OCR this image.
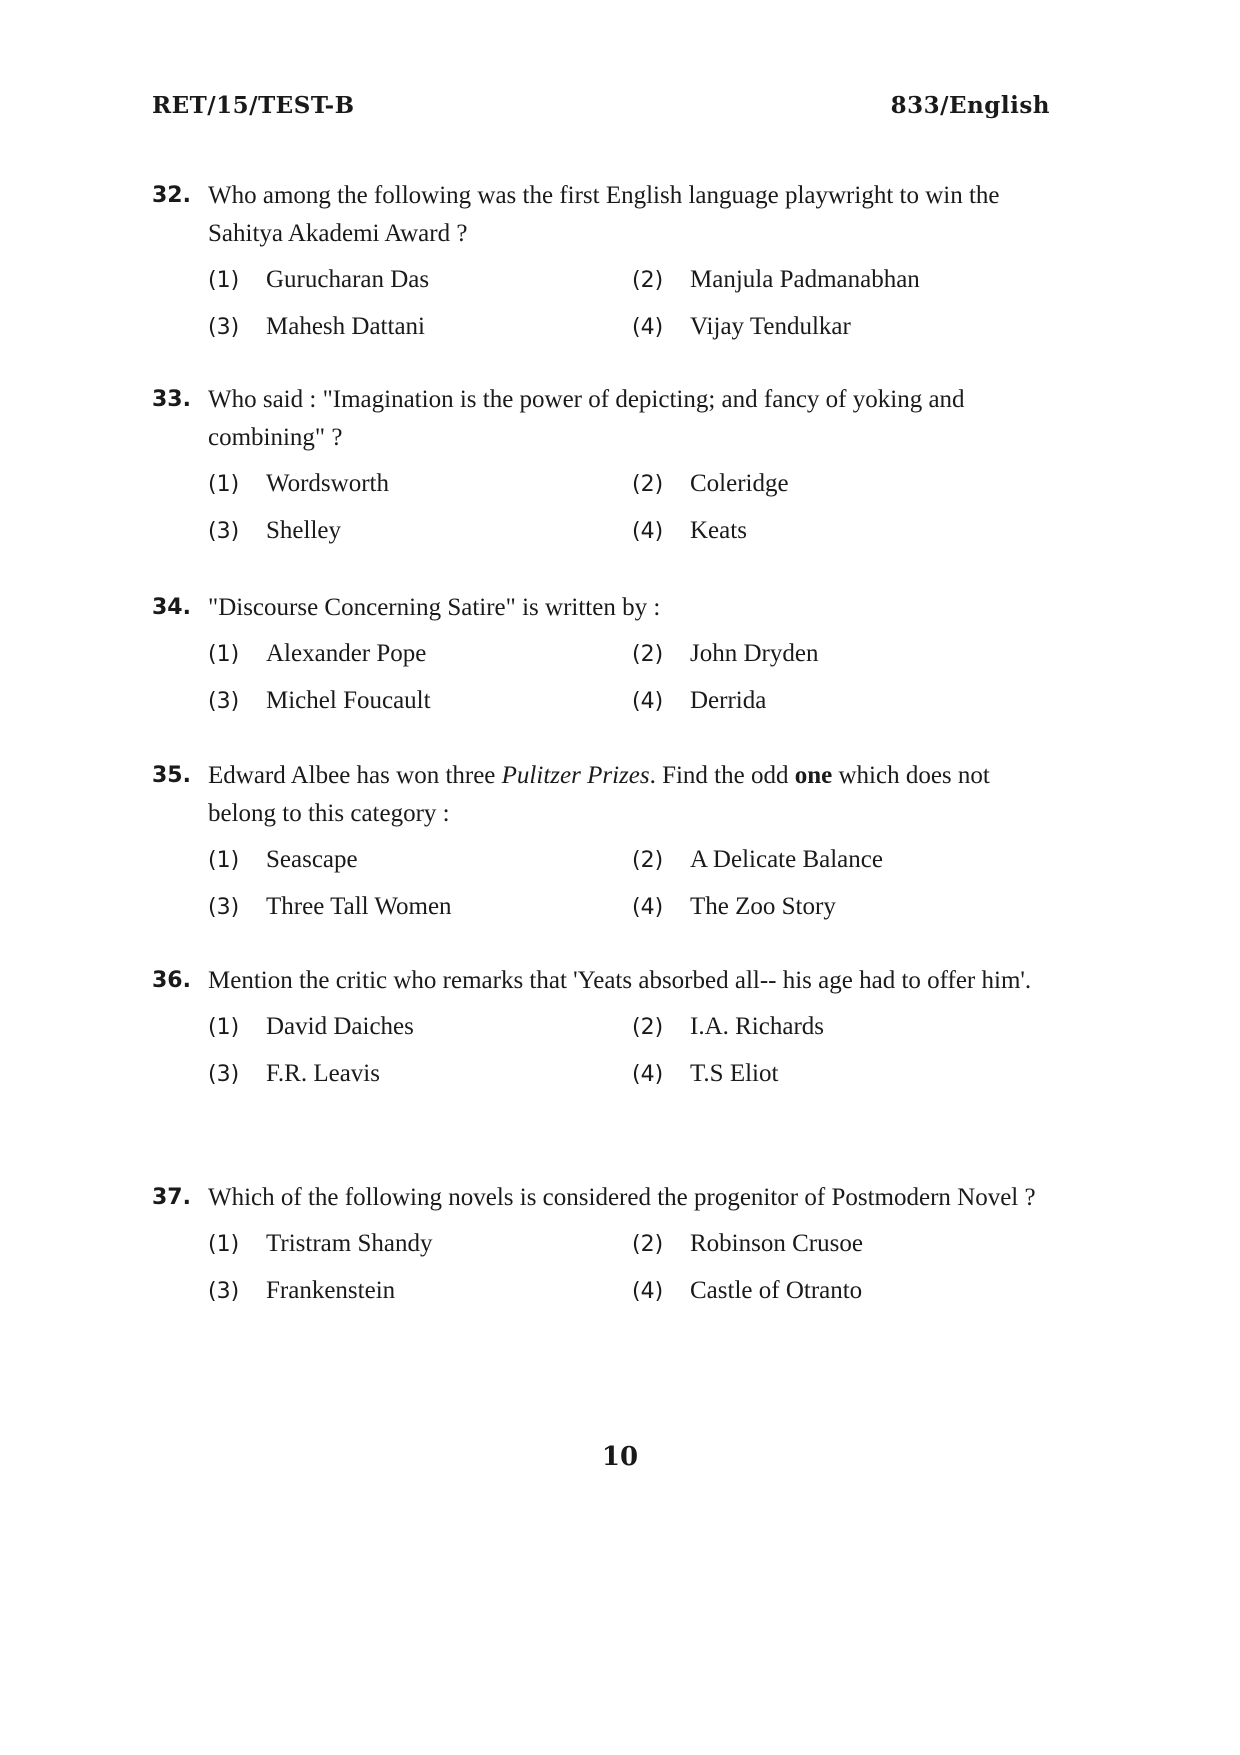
RET/15/TEST-B	833/English
32. Who among the following was the first English language playwright to win the Sahitya Akademi Award ?
(1)	Gurucharan Das	(2)	Manjula Padmanabhan
(3)	Mahesh Dattani	(4)	Vijay Tendulkar
33. Who said : "Imagination is the power of depicting; and fancy of yoking and combining" ?
(1)	Wordsworth	(2)	Coleridge
(3)	Shelley	(4)	Keats
34. "Discourse Concerning Satire" is written by :
(1)	Alexander Pope	(2)	John Dryden
(3)	Michel Foucault	(4)	Derrida
35. Edward Albee has won three Pulitzer Prizes. Find the odd one which does not belong to this category :
(1)	Seascape	(2)	A Delicate Balance
(3)	Three Tall Women	(4)	The Zoo Story
36. Mention the critic who remarks that 'Yeats absorbed all-- his age had to offer him'.
(1)	David Daiches	(2)	I.A. Richards
(3)	F.R. Leavis	(4)	T.S Eliot
37. Which of the following novels is considered the progenitor of Postmodern Novel ?
(1)	Tristram Shandy	(2)	Robinson Crusoe
(3)	Frankenstein	(4)	Castle of Otranto
10
